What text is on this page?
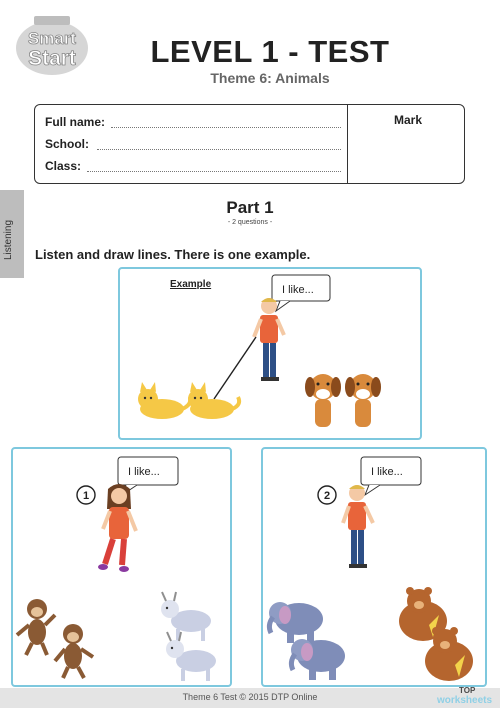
Smart
Start	LEVEL 1 - TEST
Theme 6: Animals
Full name:
School:
Class:
Mark
Listening
Part 1
- 2 questions -
Listen and draw lines. There is one example.
Example	I like...
I like...
1
I like...
2
Theme 6 Test © 2015 DTP Online
TOP
worksheets
